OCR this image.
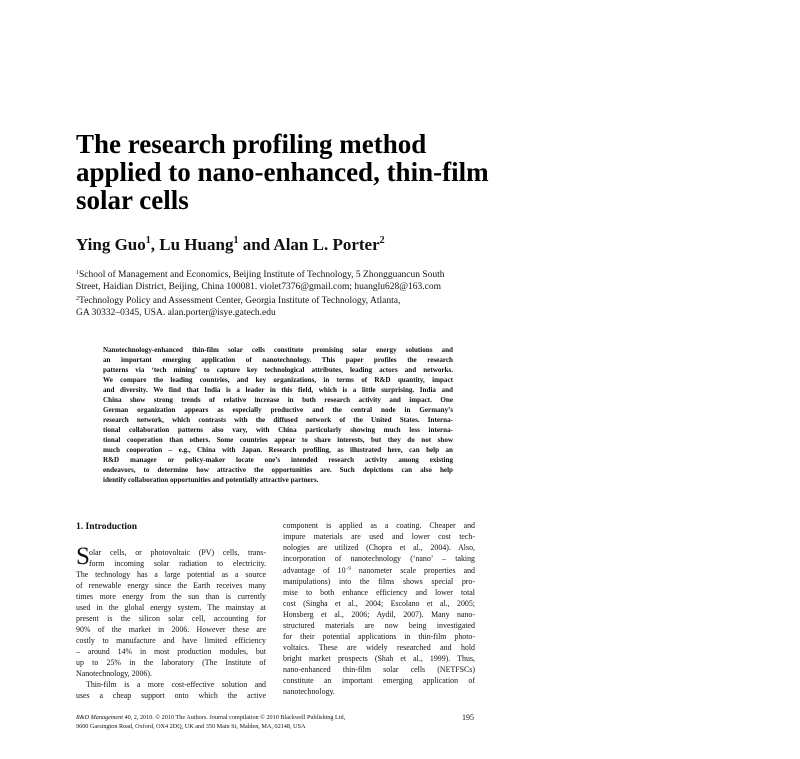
The research profiling method
applied to nano-enhanced, thin-film
solar cells
Ying Guo$^1$, Lu Huang$^1$ and Alan L. Porter$^2$
$^1$School of Management and Economics, Beijing Institute of Technology, 5 Zhongguancun South
Street, Haidian District, Beijing, China 100081. violet7376@gmail.com; huanglu628@163.com
$^2$Technology Policy and Assessment Center, Georgia Institute of Technology, Atlanta,
GA 30332–0345, USA. alan.porter@isye.gatech.edu
Nanotechnology-enhanced thin-film solar cells constitute promising solar energy solutions and
an important emerging application of nanotechnology. This paper profiles the research
patterns via ‘tech mining’ to capture key technological attributes, leading actors and networks.
We compare the leading countries, and key organizations, in terms of R&D quantity, impact
and diversity. We find that India is a leader in this field, which is a little surprising. India and
China show strong trends of relative increase in both research activity and impact. One
German organization appears as especially productive and the central node in Germany’s
research network, which contrasts with the diffused network of the United States. Interna-
tional collaboration patterns also vary, with China particularly showing much less interna-
tional cooperation than others. Some countries appear to share interests, but they do not show
much cooperation – e.g., China with Japan. Research profiling, as illustrated here, can help an
R&D manager or policy-maker locate one’s intended research activity among existing
endeavors, to determine how attractive the opportunities are. Such depictions can also help
identify collaboration opportunities and potentially attractive partners.
1. Introduction
S olar cells, or photovoltaic (PV) cells, trans-
form incoming solar radiation to electricity.
The technology has a large potential as a source
of renewable energy since the Earth receives many
times more energy from the sun than is currently
used in the global energy system. The mainstay at
present is the silicon solar cell, accounting for
90% of the market in 2006. However these are
costly to manufacture and have limited efficiency
– around 14% in most production modules, but
up to 25% in the laboratory (The Institute of
Nanotechnology, 2006).
Thin-film is a more cost-effective solution and
uses a cheap support onto which the active
component is applied as a coating. Cheaper and
impure materials are used and lower cost tech-
nologies are utilized (Chopra et al., 2004). Also,
incorporation of nanotechnology (‘nano’ – taking
advantage of $10^{-9}$ nanometer scale properties and
manipulations) into the films shows special pro-
mise to both enhance efficiency and lower total
cost (Singha et al., 2004; Escolano et al., 2005;
Honsberg et al., 2006; Aydil, 2007). Many nano-
structured materials are now being investigated
for their potential applications in thin-film photo-
voltaics. These are widely researched and hold
bright market prospects (Shah et al., 1999). Thus,
nano-enhanced thin-film solar cells (NETFSCs)
constitute an important emerging application of
nanotechnology.
R&D Management 40, 2, 2010. © 2010 The Authors. Journal compilation © 2010 Blackwell Publishing Ltd,
9600 Garsington Road, Oxford, OX4 2DQ, UK and 350 Main St, Malden, MA, 02148, USA
195
